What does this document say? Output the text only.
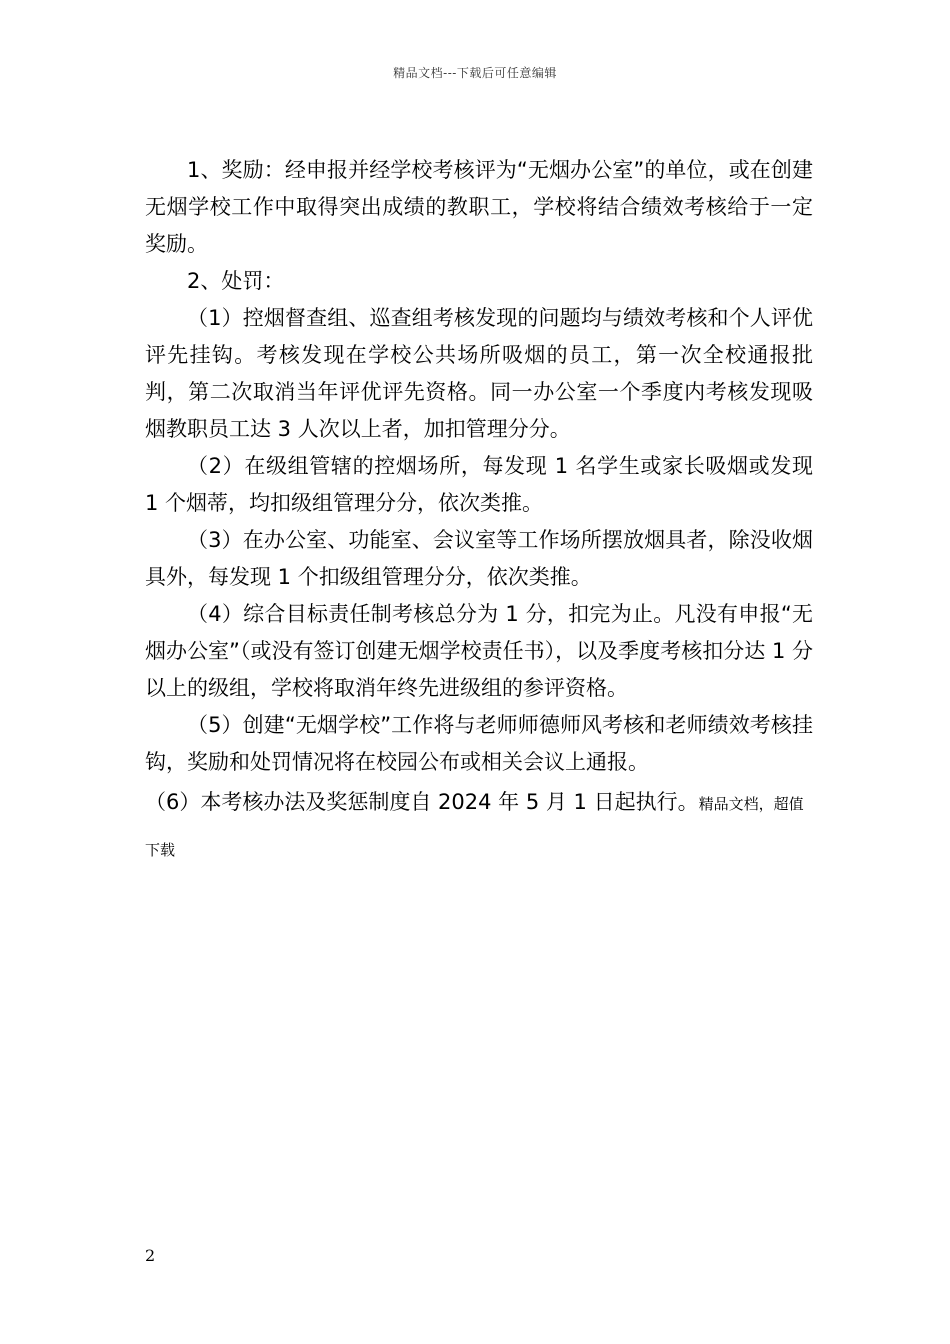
精品文档---下载后可任意编辑

1、奖励：经申报并经学校考核评为“无烟办公室”的单位，或在创建无烟学校工作中取得突出成绩的教职工，学校将结合绩效考核给于一定奖励。

2、处罚：

（1）控烟督查组、巡查组考核发现的问题均与绩效考核和个人评优评先挂钩。考核发现在学校公共场所吸烟的员工，第一次全校通报批判，第二次取消当年评优评先资格。同一办公室一个季度内考核发现吸烟教职员工达 3 人次以上者，加扣管理分分。

（2）在级组管辖的控烟场所，每发现 1 名学生或家长吸烟或发现 1 个烟蒂，均扣级组管理分分，依次类推。

（3）在办公室、功能室、会议室等工作场所摆放烟具者，除没收烟具外，每发现 1 个扣级组管理分分，依次类推。

（4）综合目标责任制考核总分为 1 分，扣完为止。凡没有申报“无烟办公室”（或没有签订创建无烟学校责任书），以及季度考核扣分达 1 分以上的级组，学校将取消年终先进级组的参评资格。

（5）创建“无烟学校”工作将与老师师德师风考核和老师绩效考核挂钩，奖励和处罚情况将在校园公布或相关会议上通报。

（6）本考核办法及奖惩制度自 2024 年 5 月 1 日起执行。精品文档，超值下载
2
